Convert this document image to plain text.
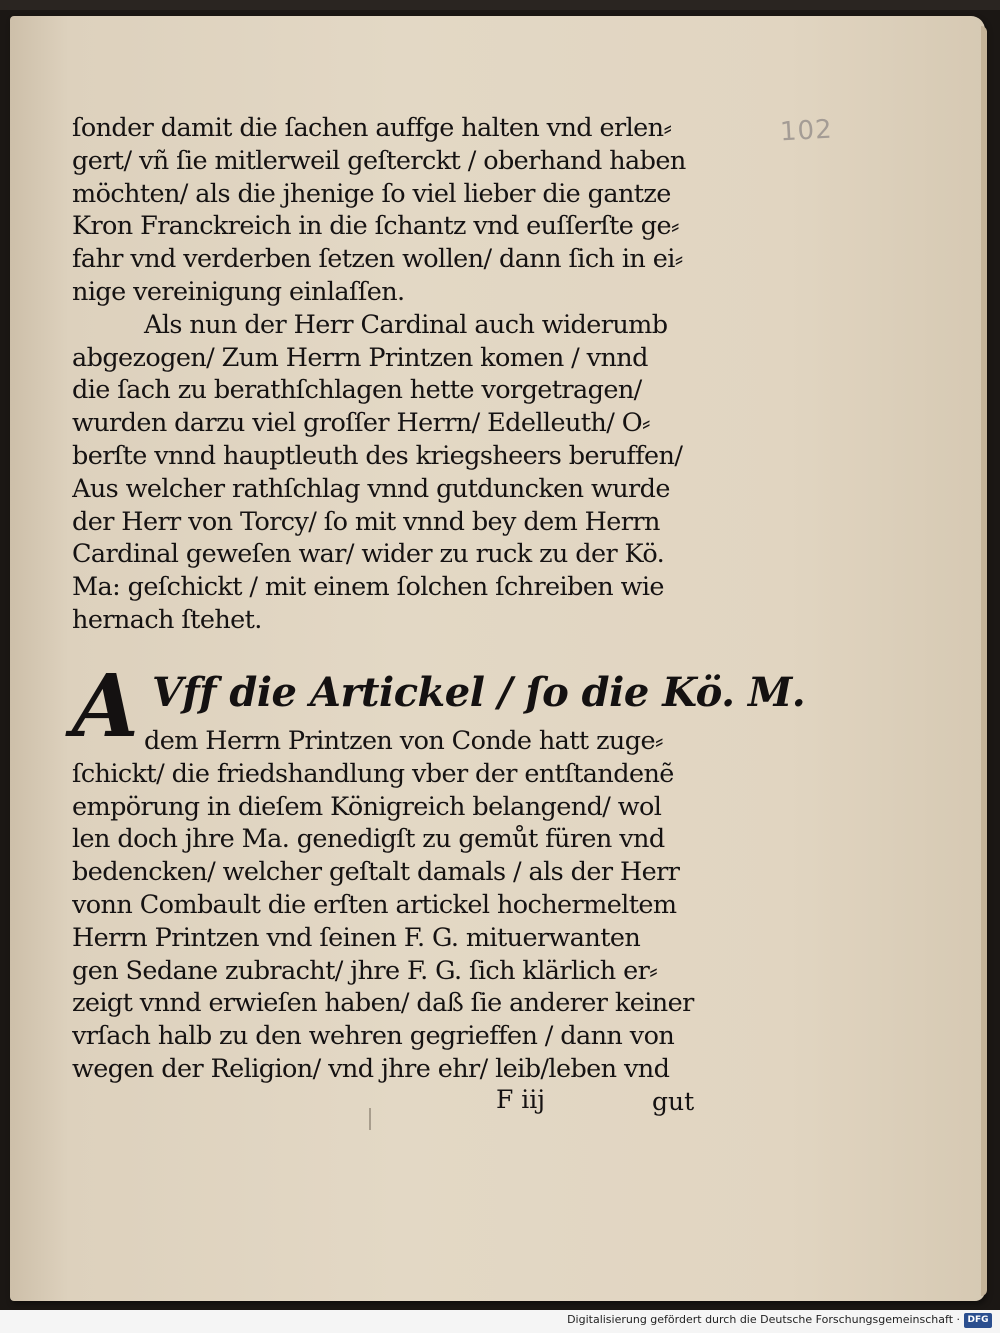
102
ſonder damit die ſachen auffge halten vnd erlen⸗
gert/ vñ ſie mitlerweil geſterckt / oberhand haben
möchten/ als die jhenige ſo viel lieber die gantze
Kron Franckreich in die ſchantz vnd euſſerſte ge⸗
fahr vnd verderben ſetzen wollen/ dann ſich in ei⸗
nige vereinigung einlaſſen.
Als nun der Herr Cardinal auch widerumb
abgezogen/ Zum Herrn Printzen komen / vnnd
die ſach zu berathſchlagen hette vorgetragen/
wurden darzu viel groſſer Herrn/ Edelleuth/ O⸗
berſte vnnd hauptleuth des kriegsheers beruffen/
Aus welcher rathſchlag vnnd gutduncken wurde
der Herr von Torcy/ ſo mit vnnd bey dem Herrn
Cardinal geweſen war/ wider zu ruck zu der Kö.
Ma: geſchickt / mit einem ſolchen ſchreiben wie
hernach ſtehet.
A Vff die Artickel / ſo die Kö. M.
dem Herrn Printzen von Conde hatt zuge⸗
ſchickt/ die friedshandlung vber der entſtandenẽ
empörung in dieſem Königreich belangend/ wol
len doch jhre Ma. genedigſt zu gemůt füren vnd
bedencken/ welcher geſtalt damals / als der Herr
vonn Combault die erſten artickel hochermeltem
Herrn Printzen vnd ſeinen F. G. mituerwanten
gen Sedane zubracht/ jhre F. G. ſich klärlich er⸗
zeigt vnnd erwieſen haben/ daß ſie anderer keiner
vrſach halb zu den wehren gegrieffen / dann von
wegen der Religion/ vnd jhre ehr/ leib/leben vnd
F iij	gut
Digitalisierung gefördert durch die Deutsche Forschungsgemeinschaft · DFG
